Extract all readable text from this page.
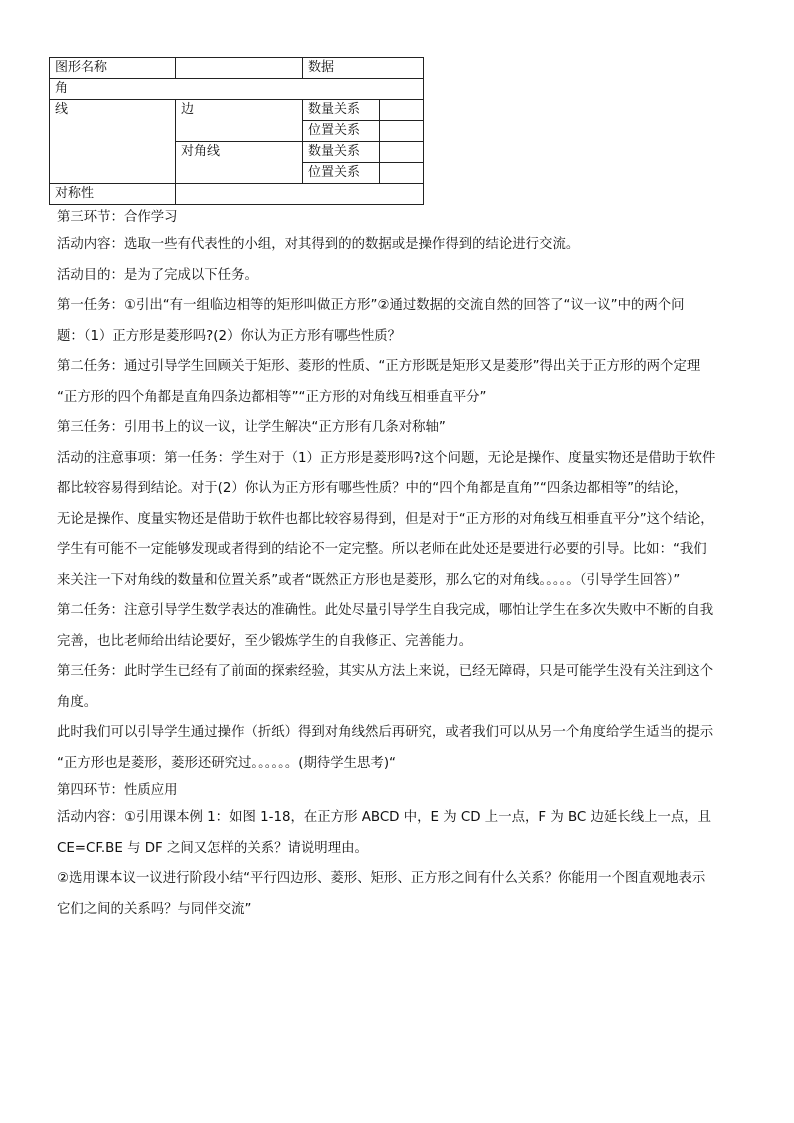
图形名称		数据	
角			
线	边	数量关系	
		位置关系	
	对角线	数量关系	
		位置关系	
对称性			

第三环节：合作学习

活动内容：选取一些有代表性的小组，对其得到的的数据或是操作得到的结论进行交流。

活动目的：是为了完成以下任务。

第一任务：①引出“有一组临边相等的矩形叫做正方形”②通过数据的交流自然的回答了“议一议”中的两个问

题：（1）正方形是菱形吗?(2）你认为正方形有哪些性质？

第二任务：通过引导学生回顾关于矩形、菱形的性质、“正方形既是矩形又是菱形”得出关于正方形的两个定理

“正方形的四个角都是直角四条边都相等”“正方形的对角线互相垂直平分”

第三任务：引用书上的议一议，让学生解决“正方形有几条对称轴”

活动的注意事项：第一任务：学生对于（1）正方形是菱形吗?这个问题，无论是操作、度量实物还是借助于软件

都比较容易得到结论。对于(2）你认为正方形有哪些性质？中的“四个角都是直角”“四条边都相等”的结论，

无论是操作、度量实物还是借助于软件也都比较容易得到，但是对于“正方形的对角线互相垂直平分”这个结论，

学生有可能不一定能够发现或者得到的结论不一定完整。所以老师在此处还是要进行必要的引导。比如：“我们

来关注一下对角线的数量和位置关系”或者“既然正方形也是菱形，那么它的对角线。。。。。（引导学生回答）”

第二任务：注意引导学生数学表达的准确性。此处尽量引导学生自我完成，哪怕让学生在多次失败中不断的自我

完善，也比老师给出结论要好，至少锻炼学生的自我修正、完善能力。

第三任务：此时学生已经有了前面的探索经验，其实从方法上来说，已经无障碍，只是可能学生没有关注到这个

角度。

此时我们可以引导学生通过操作（折纸）得到对角线然后再研究，或者我们可以从另一个角度给学生适当的提示

“正方形也是菱形，菱形还研究过。。。。。。(期待学生思考)“

第四环节：性质应用

活动内容：①引用课本例 1：如图 1-18，在正方形 ABCD 中，E 为 CD 上一点，F 为 BC 边延长线上一点，且

CE=CF.BE 与 DF 之间又怎样的关系？请说明理由。

②选用课本议一议进行阶段小结“平行四边形、菱形、矩形、正方形之间有什么关系？你能用一个图直观地表示

它们之间的关系吗？与同伴交流”
